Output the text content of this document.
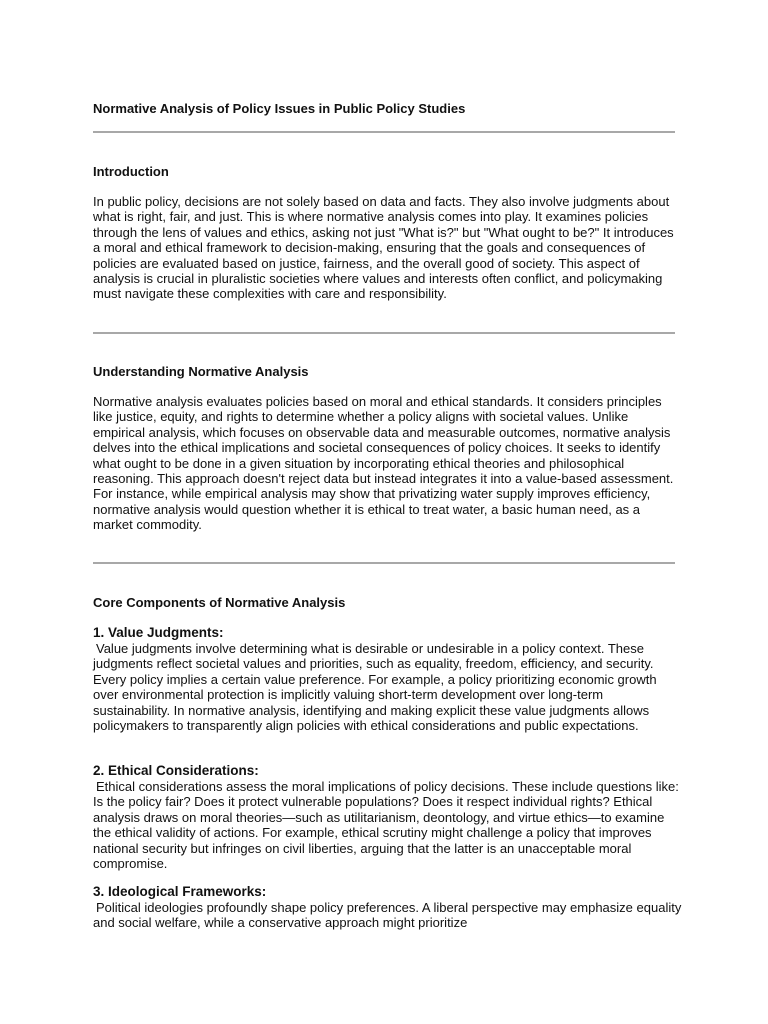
Normative Analysis of Policy Issues in Public Policy Studies
Introduction

In public policy, decisions are not solely based on data and facts. They also involve judgments about what is right, fair, and just. This is where normative analysis comes into play. It examines policies through the lens of values and ethics, asking not just "What is?" but "What ought to be?" It introduces a moral and ethical framework to decision-making, ensuring that the goals and consequences of policies are evaluated based on justice, fairness, and the overall good of society. This aspect of analysis is crucial in pluralistic societies where values and interests often conflict, and policymaking must navigate these complexities with care and responsibility.

Understanding Normative Analysis

Normative analysis evaluates policies based on moral and ethical standards. It considers principles like justice, equity, and rights to determine whether a policy aligns with societal values. Unlike empirical analysis, which focuses on observable data and measurable outcomes, normative analysis delves into the ethical implications and societal consequences of policy choices. It seeks to identify what ought to be done in a given situation by incorporating ethical theories and philosophical reasoning. This approach doesn't reject data but instead integrates it into a value-based assessment. For instance, while empirical analysis may show that privatizing water supply improves efficiency, normative analysis would question whether it is ethical to treat water, a basic human need, as a market commodity.

Core Components of Normative Analysis
1. Value Judgments:
Value judgments involve determining what is desirable or undesirable in a policy context. These judgments reflect societal values and priorities, such as equality, freedom, efficiency, and security. Every policy implies a certain value preference. For example, a policy prioritizing economic growth over environmental protection is implicitly valuing short-term development over long-term sustainability. In normative analysis, identifying and making explicit these value judgments allows policymakers to transparently align policies with ethical considerations and public expectations.
2. Ethical Considerations:
Ethical considerations assess the moral implications of policy decisions. These include questions like: Is the policy fair? Does it protect vulnerable populations? Does it respect individual rights? Ethical analysis draws on moral theories—such as utilitarianism, deontology, and virtue ethics—to examine the ethical validity of actions. For example, ethical scrutiny might challenge a policy that improves national security but infringes on civil liberties, arguing that the latter is an unacceptable moral compromise.
3. Ideological Frameworks:
Political ideologies profoundly shape policy preferences. A liberal perspective may emphasize equality and social welfare, while a conservative approach might prioritize
